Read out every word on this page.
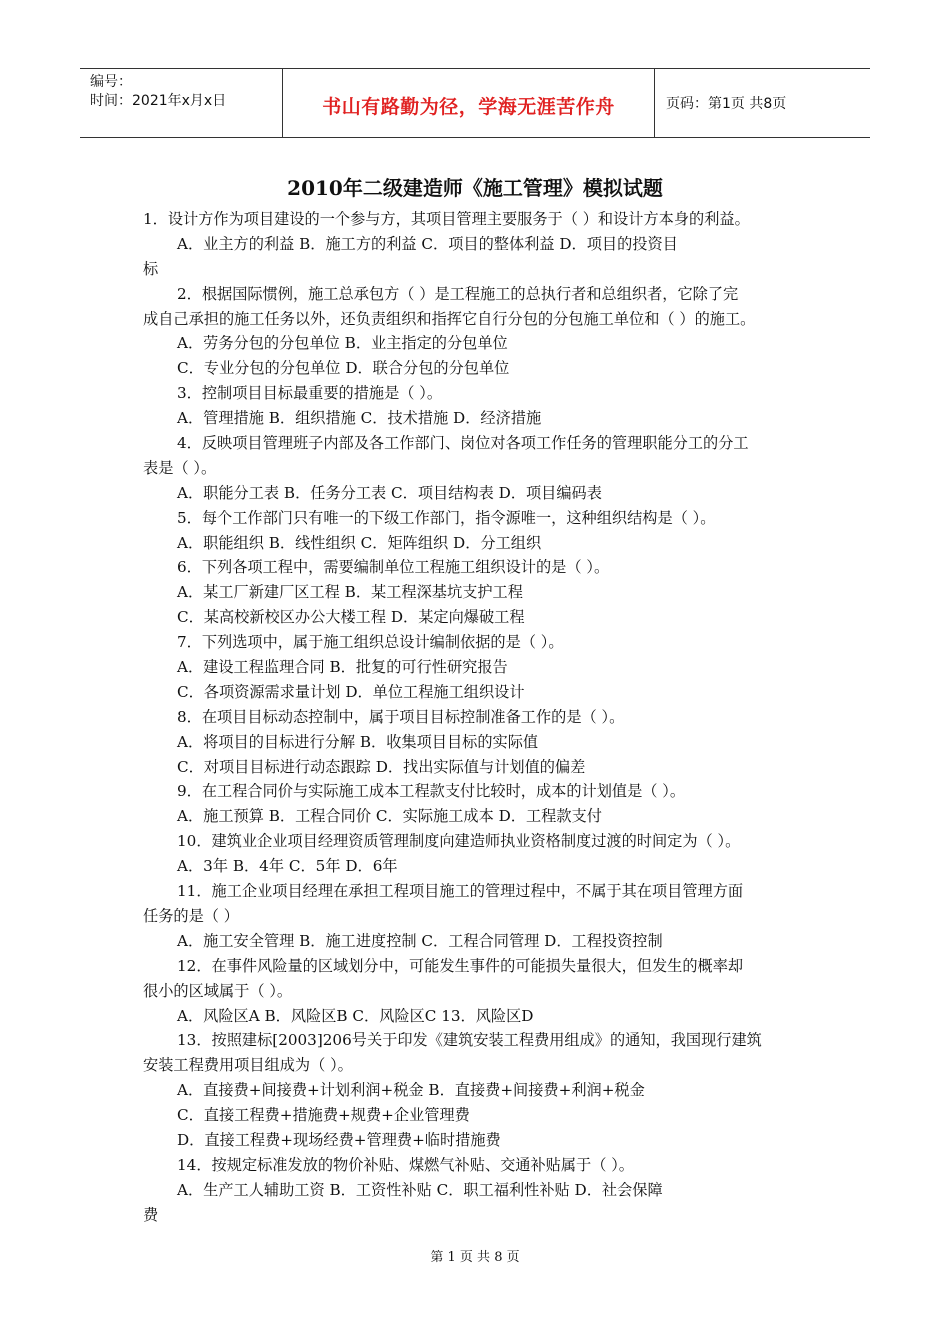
编号：
时间：2021年x月x日	书山有路勤为径，学海无涯苦作舟	页码：第1页 共8页
2010年二级建造师《施工管理》模拟试题
1．设计方作为项目建设的一个参与方，其项目管理主要服务于（ ）和设计方本身的利益。
A．业主方的利益 B．施工方的利益 C．项目的整体利益 D．项目的投资目
标
2．根据国际惯例，施工总承包方（ ）是工程施工的总执行者和总组织者，它除了完
成自己承担的施工任务以外，还负责组织和指挥它自行分包的分包施工单位和（ ）的施工。
A．劳务分包的分包单位 B．业主指定的分包单位
C．专业分包的分包单位 D．联合分包的分包单位
3．控制项目目标最重要的措施是（ ）。
A．管理措施 B．组织措施 C．技术措施 D．经济措施
4．反映项目管理班子内部及各工作部门、岗位对各项工作任务的管理职能分工的分工
表是（ ）。
A．职能分工表 B．任务分工表 C．项目结构表 D．项目编码表
5．每个工作部门只有唯一的下级工作部门，指令源唯一，这种组织结构是（ ）。
A．职能组织 B．线性组织 C．矩阵组织 D．分工组织
6．下列各项工程中，需要编制单位工程施工组织设计的是（ ）。
A．某工厂新建厂区工程 B．某工程深基坑支护工程
C．某高校新校区办公大楼工程 D．某定向爆破工程
7．下列选项中，属于施工组织总设计编制依据的是（ ）。
A．建设工程监理合同 B．批复的可行性研究报告
C．各项资源需求量计划 D．单位工程施工组织设计
8．在项目目标动态控制中，属于项目目标控制准备工作的是（ ）。
A．将项目的目标进行分解 B．收集项目目标的实际值
C．对项目目标进行动态跟踪 D．找出实际值与计划值的偏差
9．在工程合同价与实际施工成本工程款支付比较时，成本的计划值是（ ）。
A．施工预算 B．工程合同价 C．实际施工成本 D．工程款支付
10．建筑业企业项目经理资质管理制度向建造师执业资格制度过渡的时间定为（ ）。
A．3年 B．4年 C．5年 D．6年
11．施工企业项目经理在承担工程项目施工的管理过程中，不属于其在项目管理方面
任务的是（ ）
A．施工安全管理 B．施工进度控制 C．工程合同管理 D．工程投资控制
12．在事件风险量的区域划分中，可能发生事件的可能损失量很大，但发生的概率却
很小的区域属于（ ）。
A．风险区A B．风险区B C．风险区C 13．风险区D
13．按照建标[2003]206号关于印发《建筑安装工程费用组成》的通知，我国现行建筑
安装工程费用项目组成为（ ）。
A．直接费+间接费+计划利润+税金 B．直接费+间接费+利润+税金
C．直接工程费+措施费+规费+企业管理费
D．直接工程费+现场经费+管理费+临时措施费
14．按规定标准发放的物价补贴、煤燃气补贴、交通补贴属于（ ）。
A．生产工人辅助工资 B．工资性补贴 C．职工福利性补贴 D．社会保障
费
第 1 页 共 8 页
